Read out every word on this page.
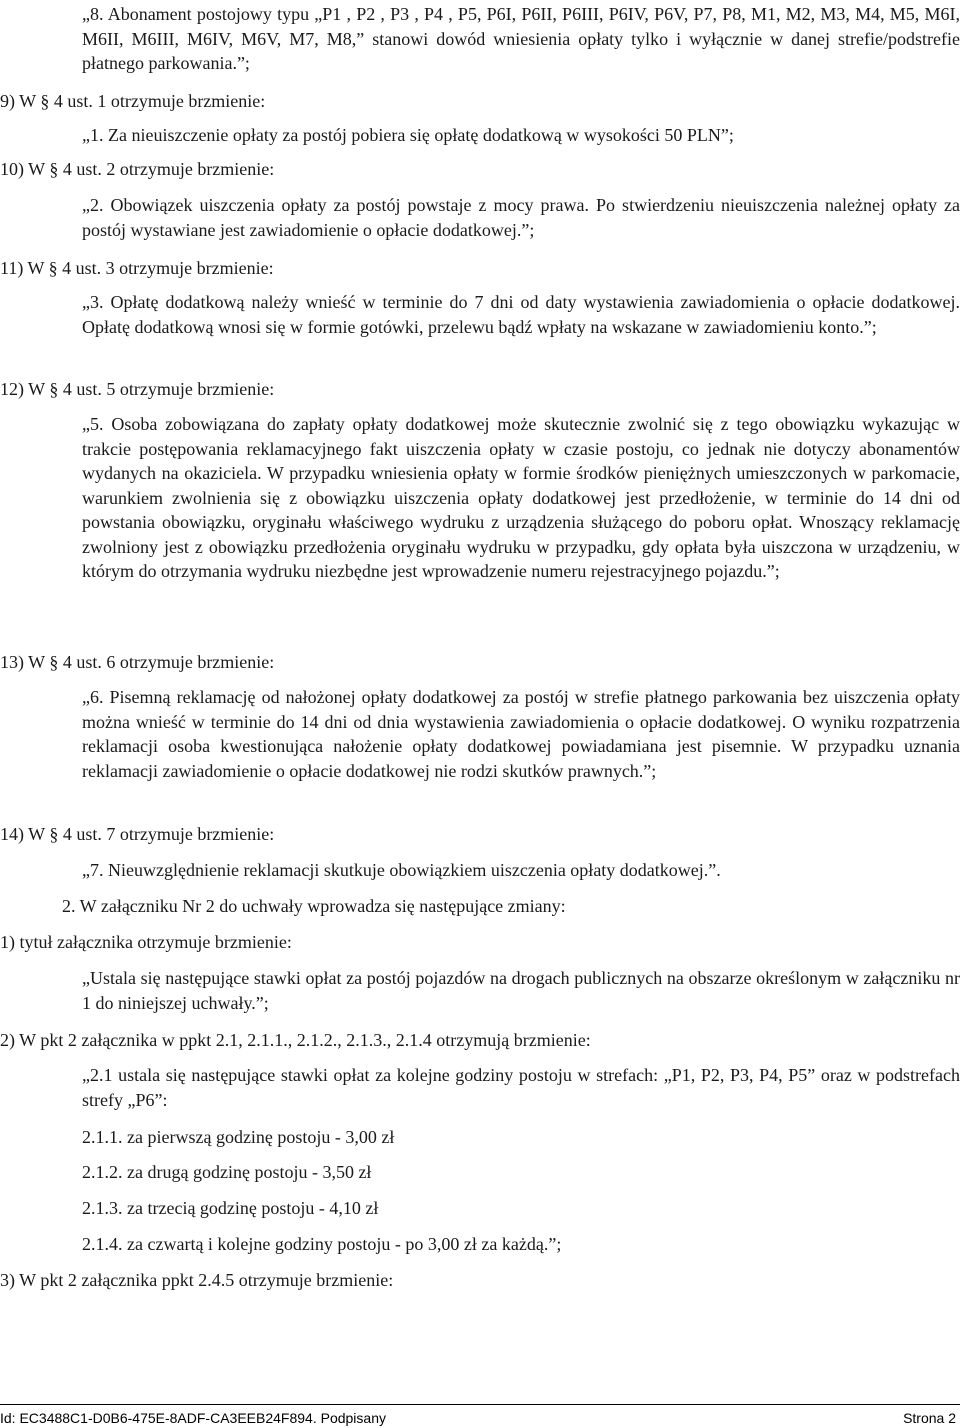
„8. Abonament postojowy typu „P1 , P2 , P3 , P4 , P5, P6I, P6II, P6III, P6IV, P6V, P7, P8, M1, M2, M3, M4, M5, M6I, M6II, M6III, M6IV, M6V, M7, M8,” stanowi dowód wniesienia opłaty tylko i wyłącznie w danej strefie/podstrefie płatnego parkowania.”;

9) W § 4 ust. 1 otrzymuje brzmienie:

„1. Za nieuiszczenie opłaty za postój pobiera się opłatę dodatkową w wysokości 50 PLN”;

10) W § 4 ust. 2 otrzymuje brzmienie:

„2. Obowiązek uiszczenia opłaty za postój powstaje z mocy prawa. Po stwierdzeniu nieuiszczenia należnej opłaty za postój wystawiane jest zawiadomienie o opłacie dodatkowej.”;

11) W § 4 ust. 3 otrzymuje brzmienie:

„3. Opłatę dodatkową należy wnieść w terminie do 7 dni od daty wystawienia zawiadomienia o opłacie dodatkowej. Opłatę dodatkową wnosi się w formie gotówki, przelewu bądź wpłaty na wskazane w zawiadomieniu konto.”;

12) W § 4 ust. 5 otrzymuje brzmienie:

„5. Osoba zobowiązana do zapłaty opłaty dodatkowej może skutecznie zwolnić się z tego obowiązku wykazując w trakcie postępowania reklamacyjnego fakt uiszczenia opłaty w czasie postoju, co jednak nie dotyczy abonamentów wydanych na okaziciela. W przypadku wniesienia opłaty w formie środków pieniężnych umieszczonych w parkomacie, warunkiem zwolnienia się z obowiązku uiszczenia opłaty dodatkowej jest przedłożenie, w terminie do 14 dni od powstania obowiązku, oryginału właściwego wydruku z urządzenia służącego do poboru opłat. Wnoszący reklamację zwolniony jest z obowiązku przedłożenia oryginału wydruku w przypadku, gdy opłata była uiszczona w urządzeniu, w którym do otrzymania wydruku niezbędne jest wprowadzenie numeru rejestracyjnego pojazdu.”;

13) W § 4 ust. 6 otrzymuje brzmienie:

„6. Pisemną reklamację od nałożonej opłaty dodatkowej za postój w strefie płatnego parkowania bez uiszczenia opłaty można wnieść w terminie do 14 dni od dnia wystawienia zawiadomienia o opłacie dodatkowej. O wyniku rozpatrzenia reklamacji osoba kwestionująca nałożenie opłaty dodatkowej powiadamiana jest pisemnie. W przypadku uznania reklamacji zawiadomienie o opłacie dodatkowej nie rodzi skutków prawnych.”;

14) W § 4 ust. 7 otrzymuje brzmienie:

„7. Nieuwzględnienie reklamacji skutkuje obowiązkiem uiszczenia opłaty dodatkowej.”.

2. W załączniku Nr 2 do uchwały wprowadza się następujące zmiany:

1) tytuł załącznika otrzymuje brzmienie:

„Ustala się następujące stawki opłat za postój pojazdów na drogach publicznych na obszarze określonym w załączniku nr 1 do niniejszej uchwały.”;

2) W pkt 2 załącznika w ppkt 2.1, 2.1.1., 2.1.2., 2.1.3., 2.1.4 otrzymują brzmienie:

„2.1 ustala się następujące stawki opłat za kolejne godziny postoju w strefach: „P1, P2, P3, P4, P5” oraz w podstrefach strefy „P6”:

2.1.1. za pierwszą godzinę postoju - 3,00 zł

2.1.2. za drugą godzinę postoju - 3,50 zł

2.1.3. za trzecią godzinę postoju - 4,10 zł

2.1.4. za czwartą i kolejne godziny postoju - po 3,00 zł za każdą.”;

3) W pkt 2 załącznika ppkt 2.4.5 otrzymuje brzmienie:

Id: EC3488C1-D0B6-475E-8ADF-CA3EEB24F894. Podpisany	Strona 2
